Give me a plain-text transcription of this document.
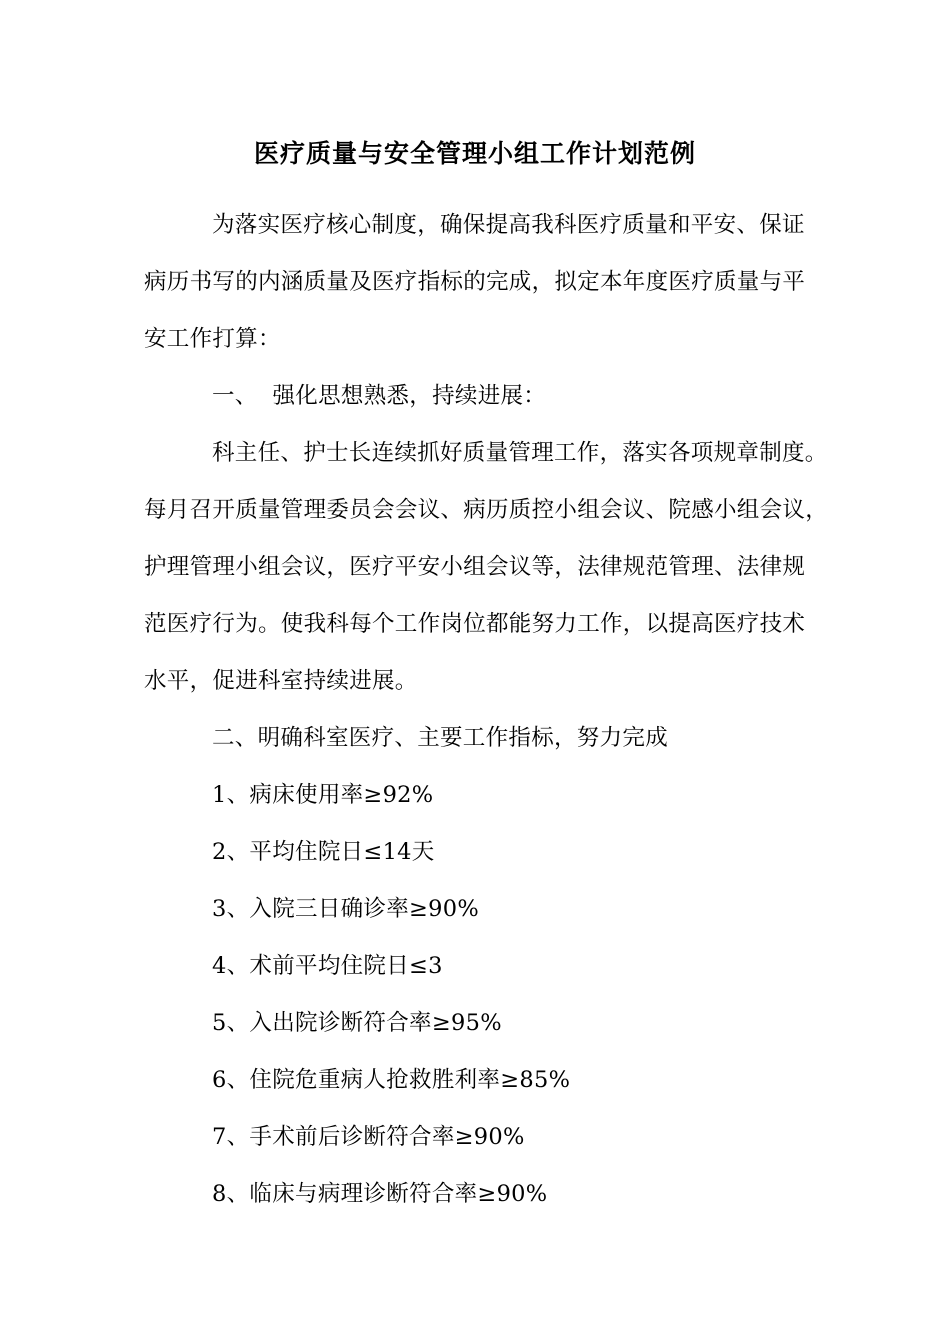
医疗质量与安全管理小组工作计划范例
为落实医疗核心制度，确保提高我科医疗质量和平安、保证
病历书写的内涵质量及医疗指标的完成，拟定本年度医疗质量与平
安工作打算：
一、  强化思想熟悉，持续进展：
科主任、护士长连续抓好质量管理工作，落实各项规章制度。
每月召开质量管理委员会会议、病历质控小组会议、院感小组会议，
护理管理小组会议，医疗平安小组会议等，法律规范管理、法律规
范医疗行为。使我科每个工作岗位都能努力工作，以提高医疗技术
水平，促进科室持续进展。
二、明确科室医疗、主要工作指标，努力完成
1、病床使用率≥92%
2、平均住院日≤14天
3、入院三日确诊率≥90%
4、术前平均住院日≤3
5、入出院诊断符合率≥95%
6、住院危重病人抢救胜利率≥85%
7、手术前后诊断符合率≥90%
8、临床与病理诊断符合率≥90%
